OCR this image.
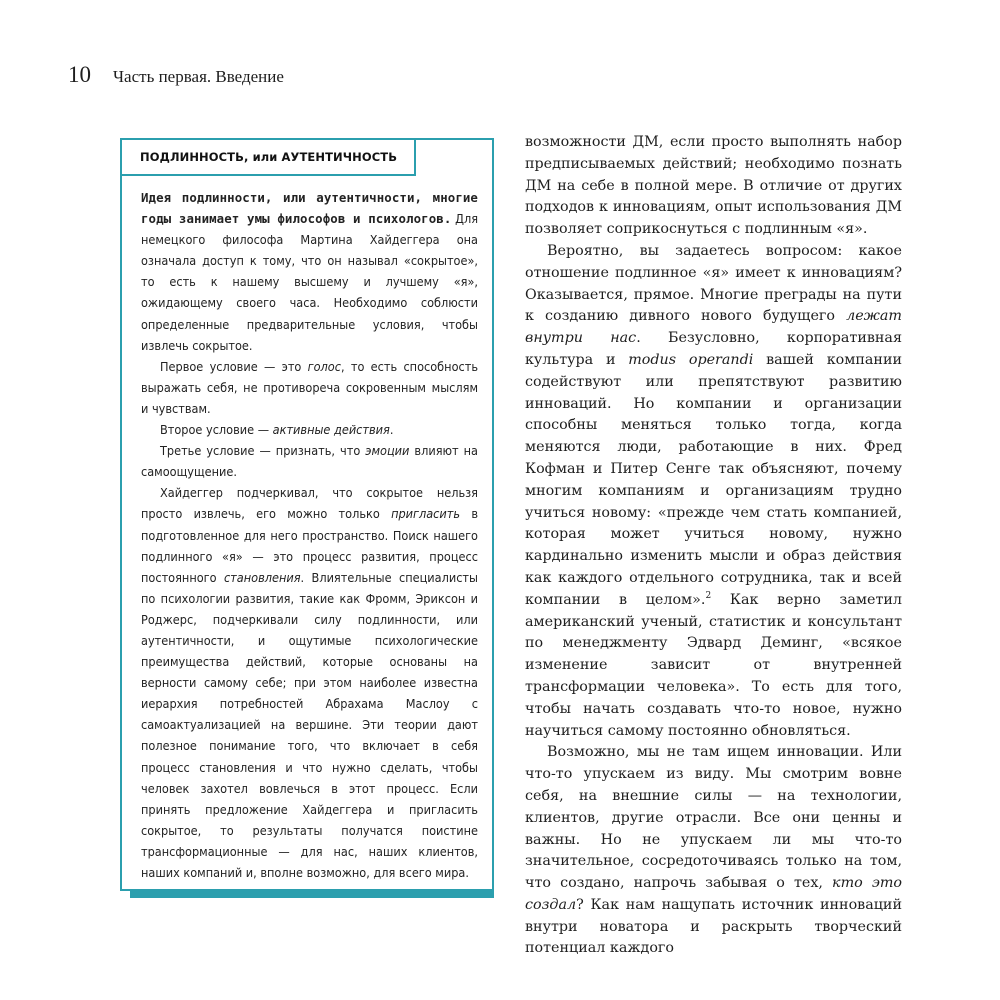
10 Часть первая. Введение
ПОДЛИННОСТЬ, или АУТЕНТИЧНОСТЬ

Идея подлинности, или аутентичности, многие годы занимает умы философов и психологов. Для немецкого философа Мартина Хайдеггера она означала доступ к тому, что он называл «сокрытое», то есть к нашему высшему и лучшему «я», ожидающему своего часа. Необходимо соблюсти определенные предварительные условия, чтобы извлечь сокрытое.

Первое условие — это голос, то есть способность выражать себя, не противореча сокровенным мыслям и чувствам.

Второе условие — активные действия.

Третье условие — признать, что эмоции влияют на самоощущение.

Хайдеггер подчеркивал, что сокрытое нельзя просто извлечь, его можно только пригласить в подготовленное для него пространство. Поиск нашего подлинного «я» — это процесс развития, процесс постоянного становления. Влиятельные специалисты по психологии развития, такие как Фромм, Эриксон и Роджерс, подчеркивали силу подлинности, или аутентичности, и ощутимые психологические преимущества действий, которые основаны на верности самому себе; при этом наиболее известна иерархия потребностей Абрахама Маслоу с самоактуализацией на вершине. Эти теории дают полезное понимание того, что включает в себя процесс становления и что нужно сделать, чтобы человек захотел вовлечься в этот процесс. Если принять предложение Хайдеггера и пригласить сокрытое, то результаты получатся поистине трансформационные — для нас, наших клиентов, наших компаний и, вполне возможно, для всего мира.

возможности ДМ, если просто выполнять набор предписываемых действий; необходимо познать ДМ на себе в полной мере. В отличие от других подходов к инновациям, опыт использования ДМ позволяет соприкоснуться с подлинным «я».

Вероятно, вы задаетесь вопросом: какое отношение подлинное «я» имеет к инновациям? Оказывается, прямое. Многие преграды на пути к созданию дивного нового будущего лежат внутри нас. Безусловно, корпоративная культура и modus operandi вашей компании содействуют или препятствуют развитию инноваций. Но компании и организации способны меняться только тогда, когда меняются люди, работающие в них. Фред Кофман и Питер Сенге так объясняют, почему многим компаниям и организациям трудно учиться новому: «прежде чем стать компанией, которая может учиться новому, нужно кардинально изменить мысли и образ действия как каждого отдельного сотрудника, так и всей компании в целом».$^2$ Как верно заметил американский ученый, статистик и консультант по менеджменту Эдвард Деминг, «всякое изменение зависит от внутренней трансформации человека». То есть для того, чтобы начать создавать что-то новое, нужно научиться самому постоянно обновляться.

Возможно, мы не там ищем инновации. Или что-то упускаем из виду. Мы смотрим вовне себя, на внешние силы — на технологии, клиентов, другие отрасли. Все они ценны и важны. Но не упускаем ли мы что-то значительное, сосредоточиваясь только на том, что создано, напрочь забывая о тех, кто это создал? Как нам нащупать источник инноваций внутри новатора и раскрыть творческий потенциал каждого
